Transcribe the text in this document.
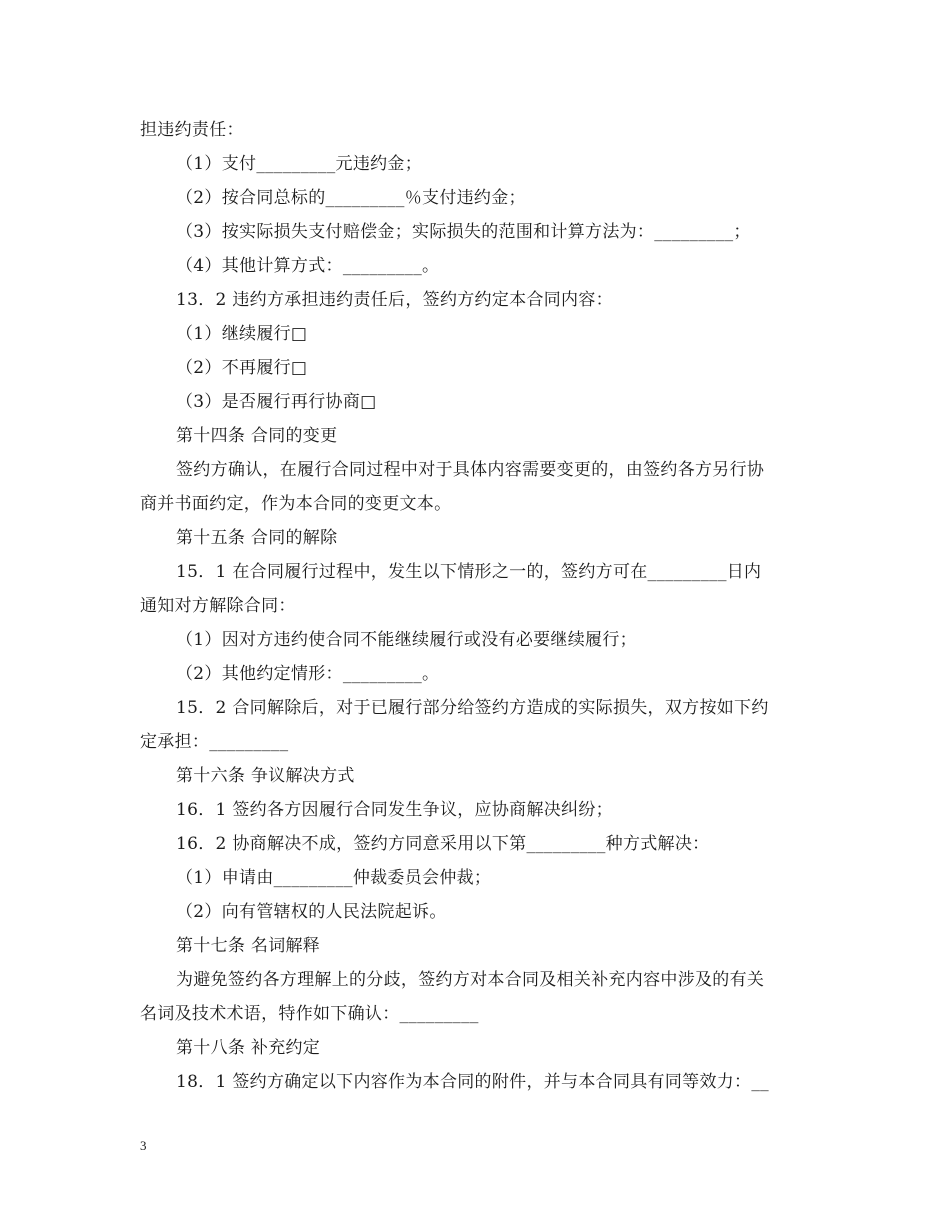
担违约责任：
（1）支付_________元违约金；
（2）按合同总标的_________％支付违约金；
（3）按实际损失支付赔偿金；实际损失的范围和计算方法为：_________；
（4）其他计算方式：_________。
13．2 违约方承担违约责任后，签约方约定本合同内容：
（1）继续履行□
（2）不再履行□
（3）是否履行再行协商□
第十四条 合同的变更
签约方确认，在履行合同过程中对于具体内容需要变更的，由签约各方另行协
商并书面约定，作为本合同的变更文本。
第十五条 合同的解除
15．1 在合同履行过程中，发生以下情形之一的，签约方可在_________日内
通知对方解除合同：
（1）因对方违约使合同不能继续履行或没有必要继续履行；
（2）其他约定情形：_________。
15．2 合同解除后，对于已履行部分给签约方造成的实际损失，双方按如下约
定承担：_________
第十六条 争议解决方式
16．1 签约各方因履行合同发生争议，应协商解决纠纷；
16．2 协商解决不成，签约方同意采用以下第_________种方式解决：
（1）申请由_________仲裁委员会仲裁；
（2）向有管辖权的人民法院起诉。
第十七条 名词解释
为避免签约各方理解上的分歧，签约方对本合同及相关补充内容中涉及的有关
名词及技术术语，特作如下确认：_________
第十八条 补充约定
18．1 签约方确定以下内容作为本合同的附件，并与本合同具有同等效力：__
3
